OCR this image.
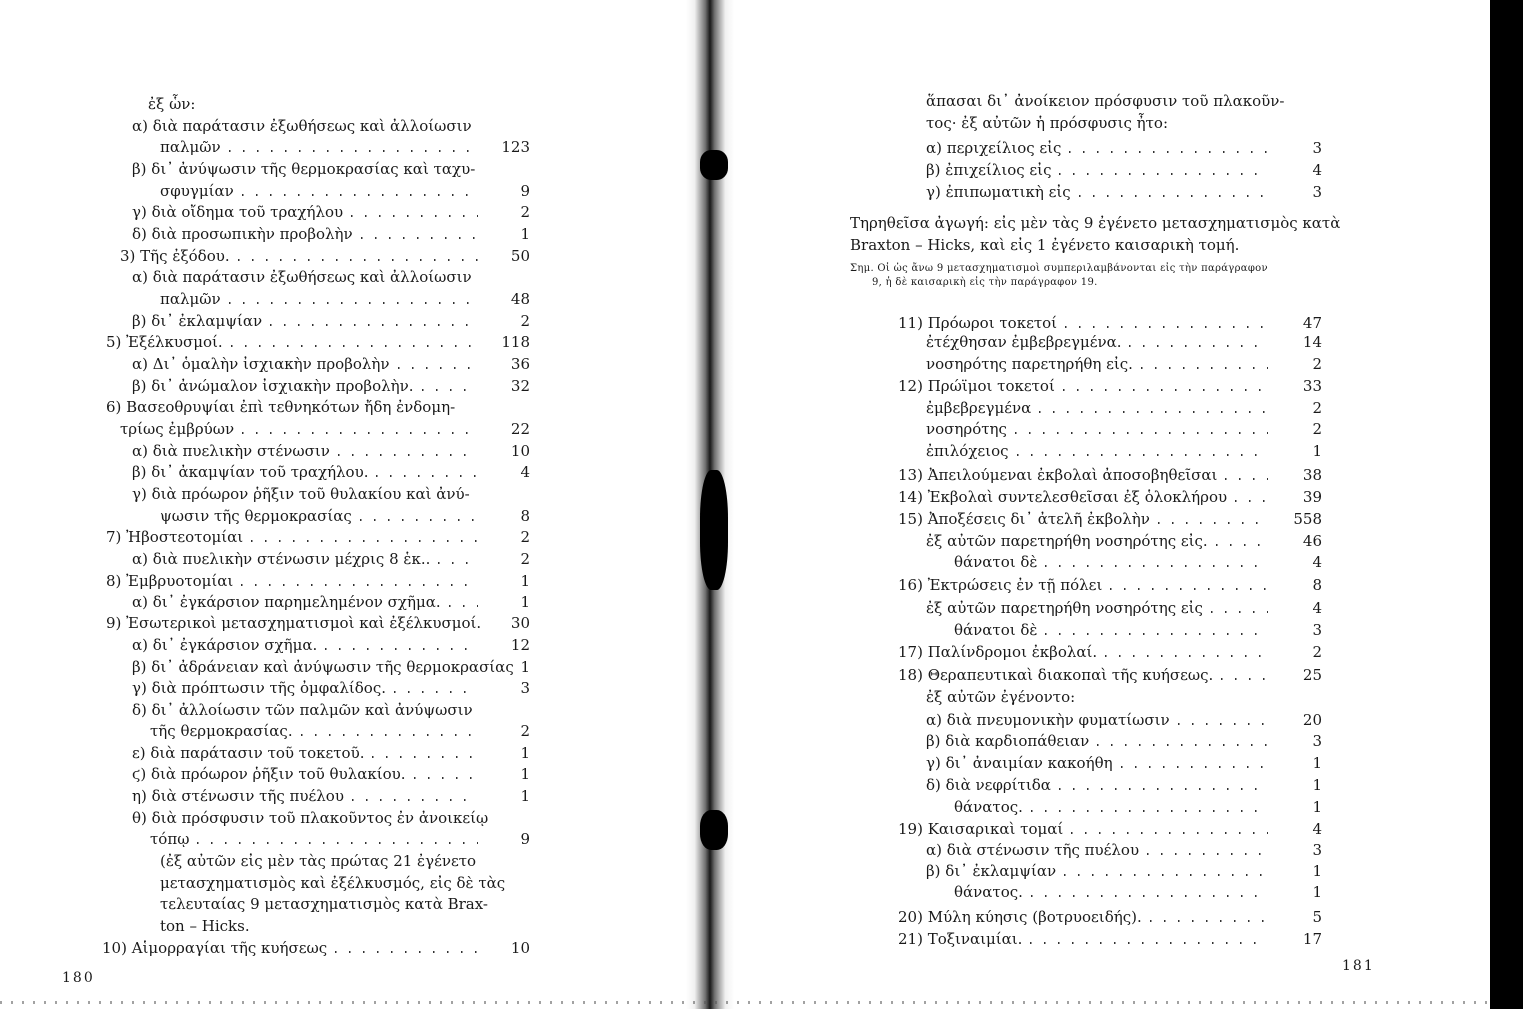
180
ἐξ ὧν:
α) διὰ παράτασιν ἐξωθήσεως καὶ ἀλλοίωσιν
παλμῶν	123
β) δι᾽ ἀνύψωσιν τῆς θερμοκρασίας καὶ ταχυ-
σφυγμίαν	9
γ) διὰ οἴδημα τοῦ τραχήλου	2
δ) διὰ προσωπικὴν προβολὴν	1
3) Τῆς ἐξόδου.	50
α) διὰ παράτασιν ἐξωθήσεως καὶ ἀλλοίωσιν
παλμῶν	48
β) δι᾽ ἐκλαμψίαν	2
5) Ἐξέλκυσμοί.	118
α) Δι᾽ ὁμαλὴν ἰσχιακὴν προβολὴν	36
β) δι᾽ ἀνώμαλον ἰσχιακὴν προβολὴν.	32
6) Βασεοθρυψίαι ἐπὶ τεθνηκότων ἤδη ἐνδομη-
τρίως ἐμβρύων	22
α) διὰ πυελικὴν στένωσιν	10
β) δι᾽ ἀκαμψίαν τοῦ τραχήλου.	4
γ) διὰ πρόωρον ῥῆξιν τοῦ θυλακίου καὶ ἀνύ-
ψωσιν τῆς θερμοκρασίας	8
7) Ἠβοστεοτομίαι	2
α) διὰ πυελικὴν στένωσιν μέχρις 8 ἑκ..	2
8) Ἐμβρυοτομίαι	1
α) δι᾽ ἐγκάρσιον παρημελημένον σχῆμα.	1
9) Ἐσωτερικοὶ μετασχηματισμοὶ καὶ ἐξέλκυσμοί. 30
α) δι᾽ ἐγκάρσιον σχῆμα.	12
β) δι᾽ ἀδράνειαν καὶ ἀνύψωσιν τῆς θερμοκρασίας 1
γ) διὰ πρόπτωσιν τῆς ὀμφαλίδος.	3
δ) δι᾽ ἀλλοίωσιν τῶν παλμῶν καὶ ἀνύψωσιν
τῆς θερμοκρασίας.	2
ε) διὰ παράτασιν τοῦ τοκετοῦ.	1
ϛ) διὰ πρόωρον ῥῆξιν τοῦ θυλακίου.	1
η) διὰ στένωσιν τῆς πυέλου	1
θ) διὰ πρόσφυσιν τοῦ πλακοῦντος ἐν ἀνοικείῳ
τόπῳ	9
(ἐξ αὐτῶν εἰς μὲν τὰς πρώτας 21 ἐγένετο
μετασχηματισμὸς καὶ ἐξέλκυσμός, εἰς δὲ τὰς
τελευταίας 9 μετασχηματισμὸς κατὰ Brax-
ton – Hicks.
10) Αἱμορραγίαι τῆς κυήσεως	10
181
ἅπασαι δι᾽ ἀνοίκειον πρόσφυσιν τοῦ πλακοῦν-
τος· ἐξ αὐτῶν ἡ πρόσφυσις ἦτο:
α) περιχείλιος εἰς	3
β) ἐπιχείλιος εἰς	4
γ) ἐπιπωματικὴ εἰς	3
Τηρηθεῖσα ἀγωγή: εἰς μὲν τὰς 9 ἐγένετο μετασχηματισμὸς κατὰ
Braxton – Hicks, καὶ εἰς 1 ἐγένετο καισαρικὴ τομή.
Σημ. Οἱ ὡς ἄνω 9 μετασχηματισμοὶ συμπεριλαμβάνονται εἰς τὴν παράγραφον
9, ἡ δὲ καισαρικὴ εἰς τὴν παράγραφον 19.
11) Πρόωροι τοκετοί	47
ἐτέχθησαν ἐμβεβρεγμένα.	14
νοσηρότης παρετηρήθη εἰς.	2
12) Πρώϊμοι τοκετοί	33
ἐμβεβρεγμένα	2
νοσηρότης	2
ἐπιλόχειος	1
13) Ἀπειλούμεναι ἐκβολαὶ ἀποσοβηθεῖσαι	38
14) Ἐκβολαὶ συντελεσθεῖσαι ἐξ ὁλοκλήρου	39
15) Ἀποξέσεις δι᾽ ἀτελῆ ἐκβολὴν	558
ἐξ αὐτῶν παρετηρήθη νοσηρότης εἰς.	46
θάνατοι δὲ	4
16) Ἐκτρώσεις ἐν τῇ πόλει	8
ἐξ αὐτῶν παρετηρήθη νοσηρότης εἰς	4
θάνατοι δὲ	3
17) Παλίνδρομοι ἐκβολαί.	2
18) Θεραπευτικαὶ διακοπαὶ τῆς κυήσεως.	25
ἐξ αὐτῶν ἐγένοντο:
α) διὰ πνευμονικὴν φυματίωσιν	20
β) διὰ καρδιοπάθειαν	3
γ) δι᾽ ἀναιμίαν κακοήθη	1
δ) διὰ νεφρίτιδα	1
θάνατος.	1
19) Καισαρικαὶ τομαί	4
α) διὰ στένωσιν τῆς πυέλου	3
β) δι᾽ ἐκλαμψίαν	1
θάνατος.	1
20) Μύλη κύησις (βοτρυοειδής).	5
21) Τοξιναιμίαι.	17
